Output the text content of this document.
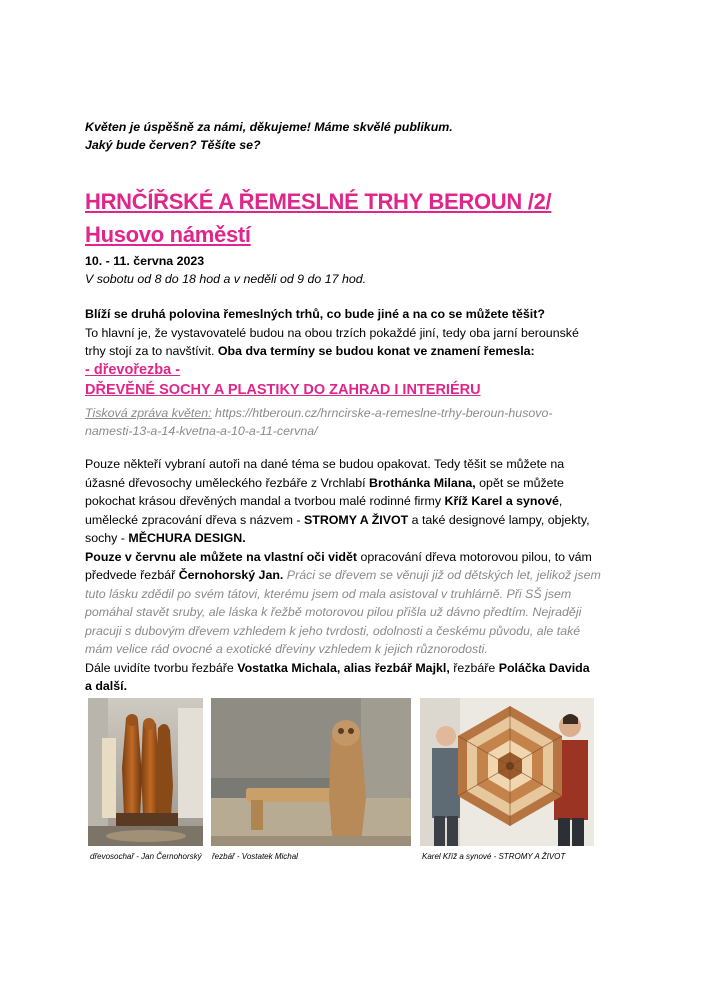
Květen je úspěšně za námi, děkujeme! Máme skvělé publikum.
Jaký bude červen? Těšíte se?
HRNČÍŘSKÉ A ŘEMESLNÉ TRHY BEROUN /2/
Husovo náměstí
10. - 11. června 2023
V sobotu od 8 do 18 hod a v neděli od 9 do 17 hod.
Blíží se druhá polovina řemeslných trhů, co bude jiné a na co se můžete těšit?
To hlavní je, že vystavovatelé budou na obou trzích pokaždé jiní, tedy oba jarní berounské
trhy stojí za to navštívit. Oba dva termíny se budou konat ve znamení řemesla:
- dřevořezba -
DŘEVĚNÉ SOCHY A PLASTIKY DO ZAHRAD I INTERIÉRU
Tisková zpráva květen: https://htberoun.cz/hrncirske-a-remeslne-trhy-beroun-husovo-
namesti-13-a-14-kvetna-a-10-a-11-cervna/
Pouze někteří vybraní autoři na dané téma se budou opakovat. Tedy těšit se můžete na
úžasné dřevosochy uměleckého řezbáře z Vrchlabí Brothánka Milana, opět se můžete
pokochat krásou dřevěných mandal a tvorbou malé rodinné firmy Kříž Karel a synové,
umělecké zpracování dřeva s názvem - STROMY A ŽIVOT a také designové lampy, objekty,
sochy - MĚCHURA DESIGN.
Pouze v červnu ale můžete na vlastní oči vidět opracování dřeva motorovou pilou, to vám
předvede řezbář Černohorský Jan. Práci se dřevem se věnuji již od dětských let, jelikož jsem
tuto lásku zdědil po svém tátovi, kterému jsem od mala asistoval v truhlárně. Při SŠ jsem
pomáhal stavět sruby, ale láska k řežbě motorovou pilou přišla už dávno předtím. Nejraději
pracuji s dubovým dřevem vzhledem k jeho tvrdosti, odolnosti a českému původu, ale také
mám velice rád ovocné a exotické dřeviny vzhledem k jejich různorodosti.
Dále uvidíte tvorbu řezbáře Vostatka Michala, alias řezbář Majkl, řezbáře Poláčka Davida
a další.
dřevosochař - Jan Černohorský řezbář - Vostatek Michal	Karel Kříž a synové - STROMY A ŽIVOT
